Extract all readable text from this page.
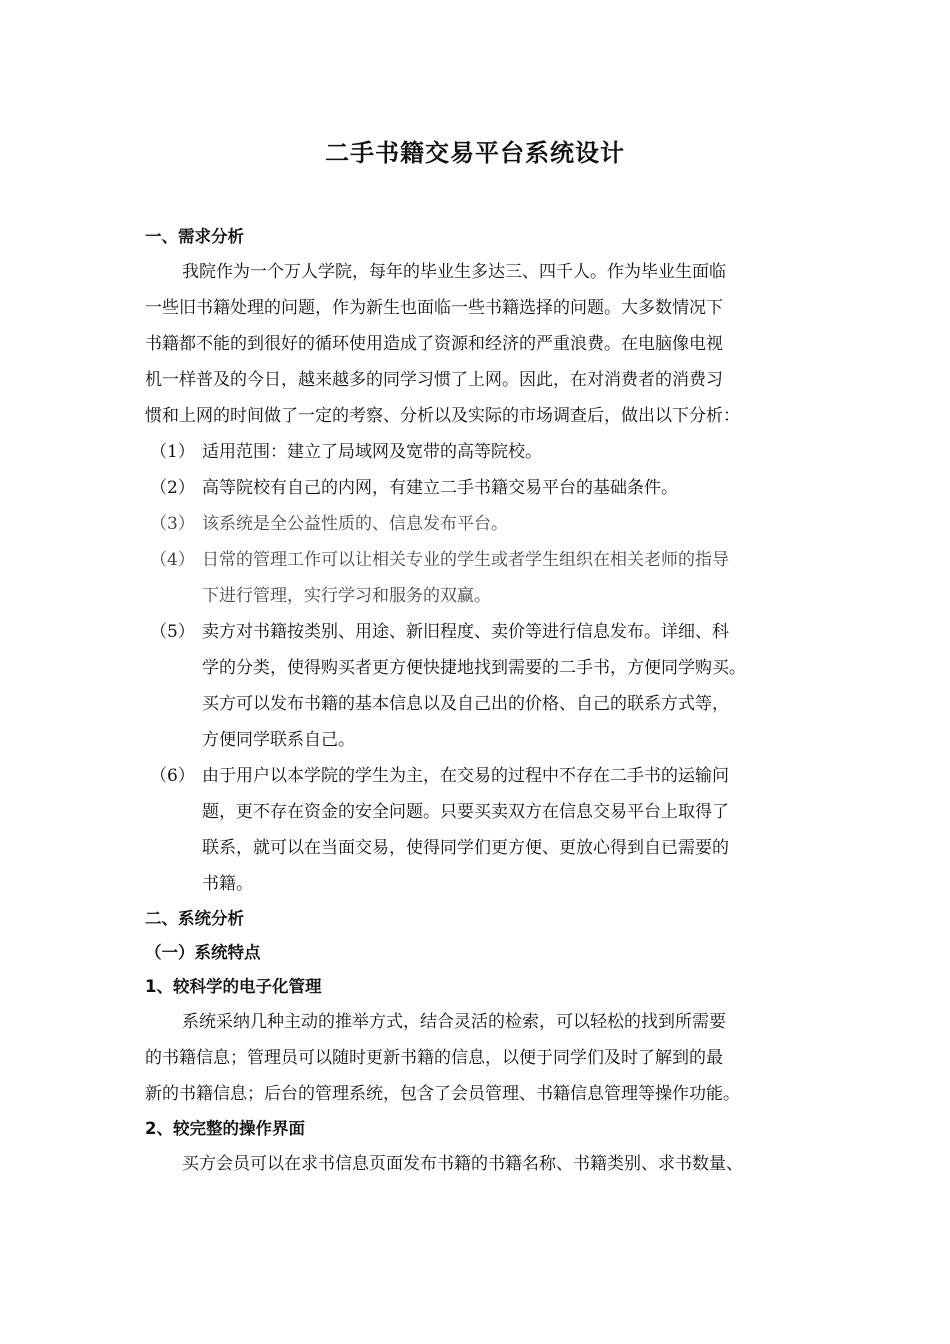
二手书籍交易平台系统设计
一、需求分析
我院作为一个万人学院，每年的毕业生多达三、四千人。作为毕业生面临
一些旧书籍处理的问题，作为新生也面临一些书籍选择的问题。大多数情况下
书籍都不能的到很好的循环使用造成了资源和经济的严重浪费。在电脑像电视
机一样普及的今日，越来越多的同学习惯了上网。因此，在对消费者的消费习
惯和上网的时间做了一定的考察、分析以及实际的市场调查后，做出以下分析：
（1） 适用范围：建立了局域网及宽带的高等院校。
（2） 高等院校有自己的内网，有建立二手书籍交易平台的基础条件。
（3） 该系统是全公益性质的、信息发布平台。
（4） 日常的管理工作可以让相关专业的学生或者学生组织在相关老师的指导
下进行管理，实行学习和服务的双赢。
（5） 卖方对书籍按类别、用途、新旧程度、卖价等进行信息发布。详细、科
学的分类，使得购买者更方便快捷地找到需要的二手书，方便同学购买。
买方可以发布书籍的基本信息以及自己出的价格、自己的联系方式等，
方便同学联系自己。
（6） 由于用户以本学院的学生为主，在交易的过程中不存在二手书的运输问
题，更不存在资金的安全问题。只要买卖双方在信息交易平台上取得了
联系，就可以在当面交易，使得同学们更方便、更放心得到自已需要的
书籍。
二、系统分析
（一）系统特点
1、较科学的电子化管理
系统采纳几种主动的推举方式，结合灵活的检索，可以轻松的找到所需要
的书籍信息；管理员可以随时更新书籍的信息，以便于同学们及时了解到的最
新的书籍信息；后台的管理系统，包含了会员管理、书籍信息管理等操作功能。
2、较完整的操作界面
买方会员可以在求书信息页面发布书籍的书籍名称、书籍类别、求书数量、
